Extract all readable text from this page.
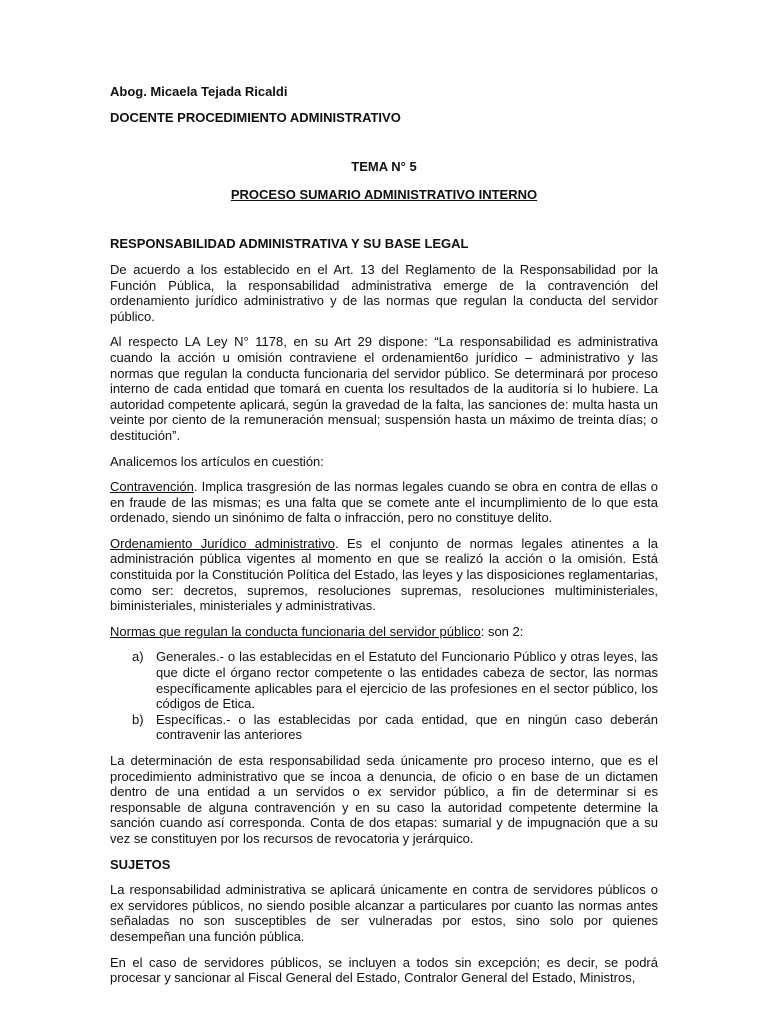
Abog. Micaela Tejada Ricaldi
DOCENTE PROCEDIMIENTO ADMINISTRATIVO
TEMA N° 5
PROCESO SUMARIO ADMINISTRATIVO INTERNO
RESPONSABILIDAD ADMINISTRATIVA Y SU BASE LEGAL

De acuerdo a los establecido en el Art. 13 del Reglamento de la Responsabilidad por la Función Pública, la responsabilidad administrativa emerge de la contravención del ordenamiento jurídico administrativo y de las normas que regulan la conducta del servidor público.

Al respecto LA Ley N° 1178, en su Art 29 dispone: “La responsabilidad es administrativa cuando la acción u omisión contraviene el ordenamient6o jurídico – administrativo y las normas que regulan la conducta funcionaria del servidor público. Se determinará por proceso interno de cada entidad que tomará en cuenta los resultados de la auditoría si lo hubiere. La autoridad competente aplicará, según la gravedad de la falta, las sanciones de: multa hasta un veinte por ciento de la remuneración mensual; suspensión hasta un máximo de treinta días; o destitución”.

Analicemos los artículos en cuestión:

Contravención. Implica trasgresión de las normas legales cuando se obra en contra de ellas o en fraude de las mismas; es una falta que se comete ante el incumplimiento de lo que esta ordenado, siendo un sinónimo de falta o infracción, pero no constituye delito.

Ordenamiento Jurídico administrativo. Es el conjunto de normas legales atinentes a la administración pública vigentes al momento en que se realizó la acción o la omisión. Está constituida por la Constitución Política del Estado, las leyes y las disposiciones reglamentarias, como ser: decretos, supremos, resoluciones supremas, resoluciones multiministeriales, biministeriales, ministeriales y administrativas.

Normas que regulan la conducta funcionaria del servidor público: son 2:

a) Generales.- o las establecidas en el Estatuto del Funcionario Público y otras leyes, las que dicte el órgano rector competente o las entidades cabeza de sector, las normas específicamente aplicables para el ejercicio de las profesiones en el sector público, los códigos de Etica.
b) Específicas.- o las establecidas por cada entidad, que en ningún caso deberán contravenir las anteriores

La determinación de esta responsabilidad seda únicamente pro proceso interno, que es el procedimiento administrativo que se incoa a denuncia, de oficio o en base de un dictamen dentro de una entidad a un servidos o ex servidor público, a fin de determinar si es responsable de alguna contravención y en su caso la autoridad competente determine la sanción cuando así corresponda. Conta de dos etapas: sumarial y de impugnación que a su vez se constituyen por los recursos de revocatoria y jerárquico.

SUJETOS

La responsabilidad administrativa se aplicará únicamente en contra de servidores públicos o ex servidores públicos, no siendo posible alcanzar a particulares por cuanto las normas antes señaladas no son susceptibles de ser vulneradas por estos, sino solo por quienes desempeñan una función pública.

En el caso de servidores públicos, se incluyen a todos sin excepción; es decir, se podrá procesar y sancionar al Fiscal General del Estado, Contralor General del Estado, Ministros,
